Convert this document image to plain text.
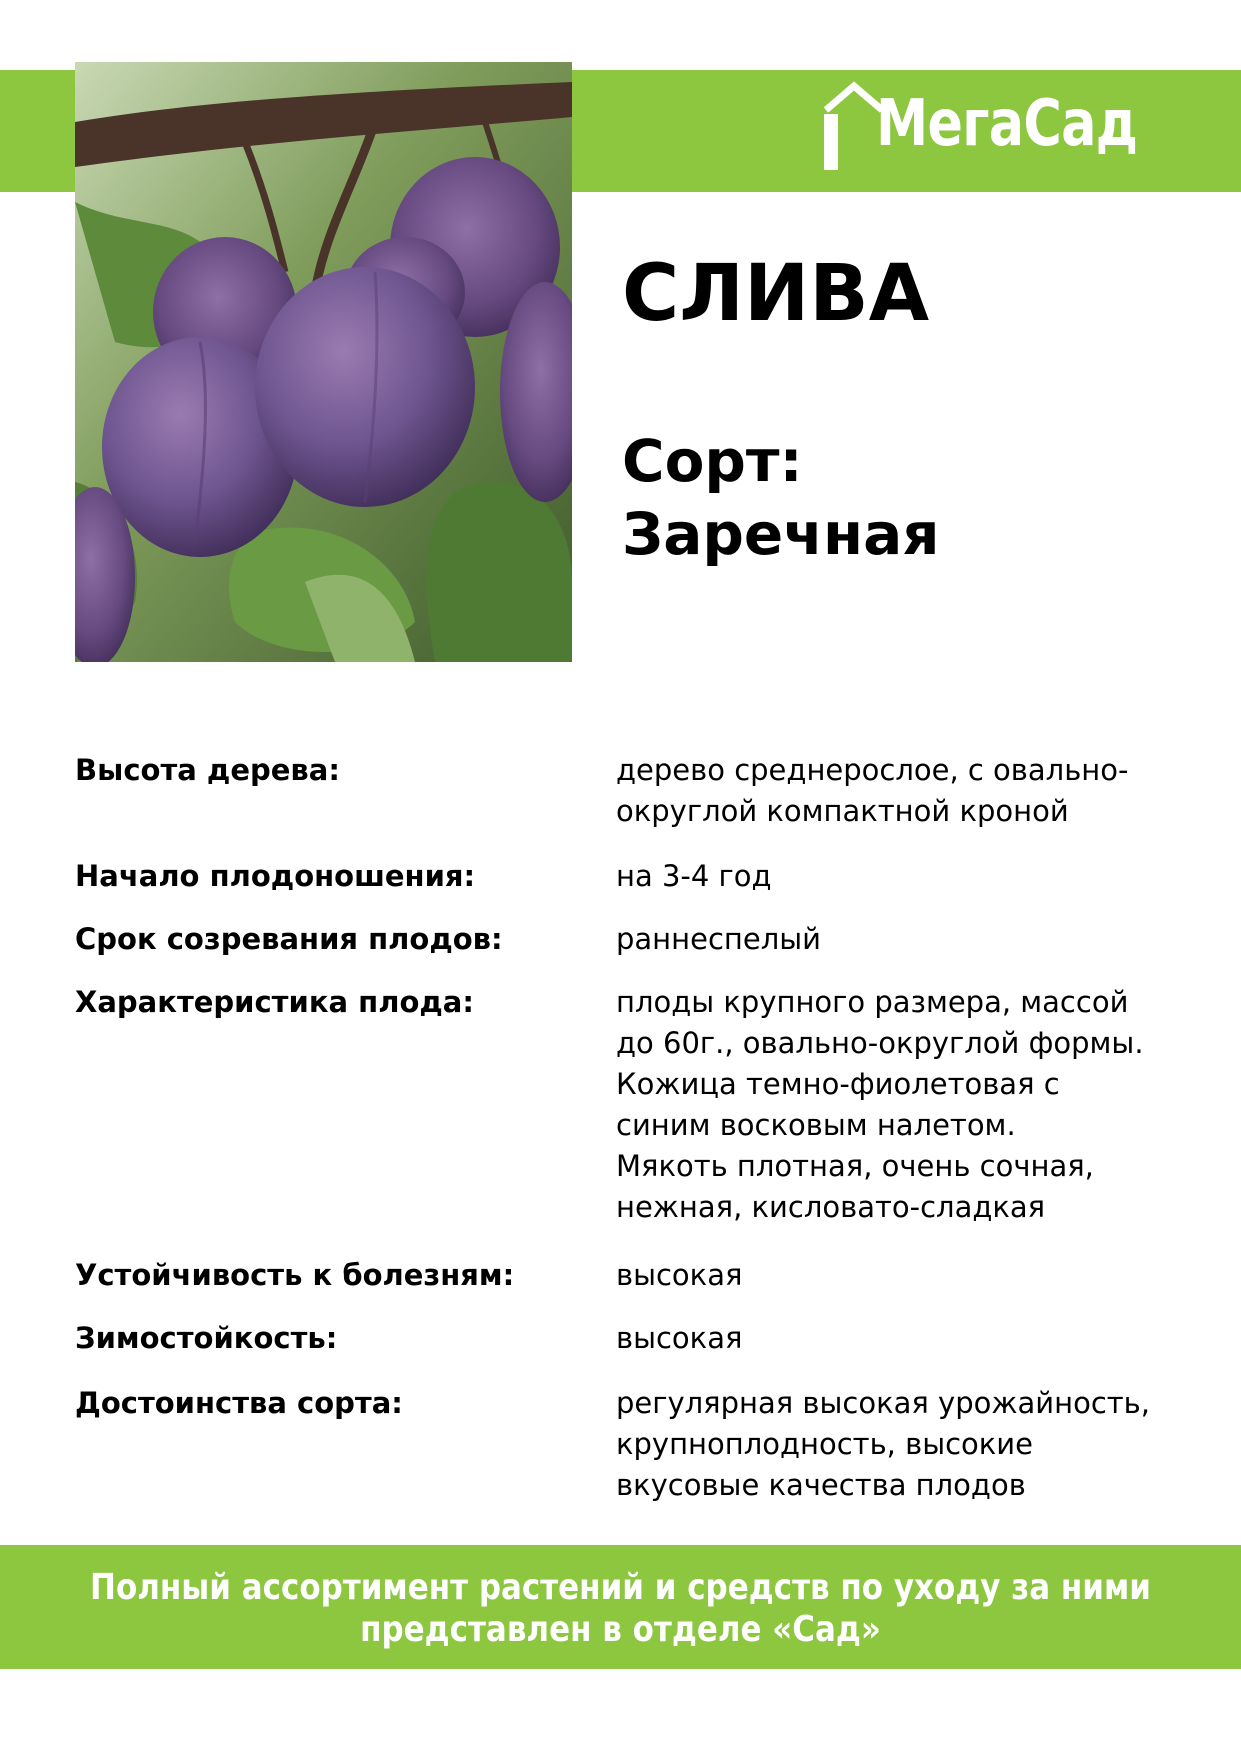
МегаСад
СЛИВА
Сорт:
Заречная
Высота дерева:	дерево среднерослое, с овально-
округлой компактной кроной
Начало плодоношения:	на 3-4 год
Срок созревания плодов:	раннеспелый
Характеристика плода:	плоды крупного размера, массой
до 60г., овально-округлой формы.
Кожица темно-фиолетовая с
синим восковым налетом.
Мякоть плотная, очень сочная,
нежная, кисловато-сладкая
Устойчивость к болезням:	высокая
Зимостойкость:	высокая
Достоинства сорта:	регулярная высокая урожайность,
крупноплодность, высокие
вкусовые качества плодов
Полный ассортимент растений и средств по уходу за ними
представлен в отделе «Сад»
